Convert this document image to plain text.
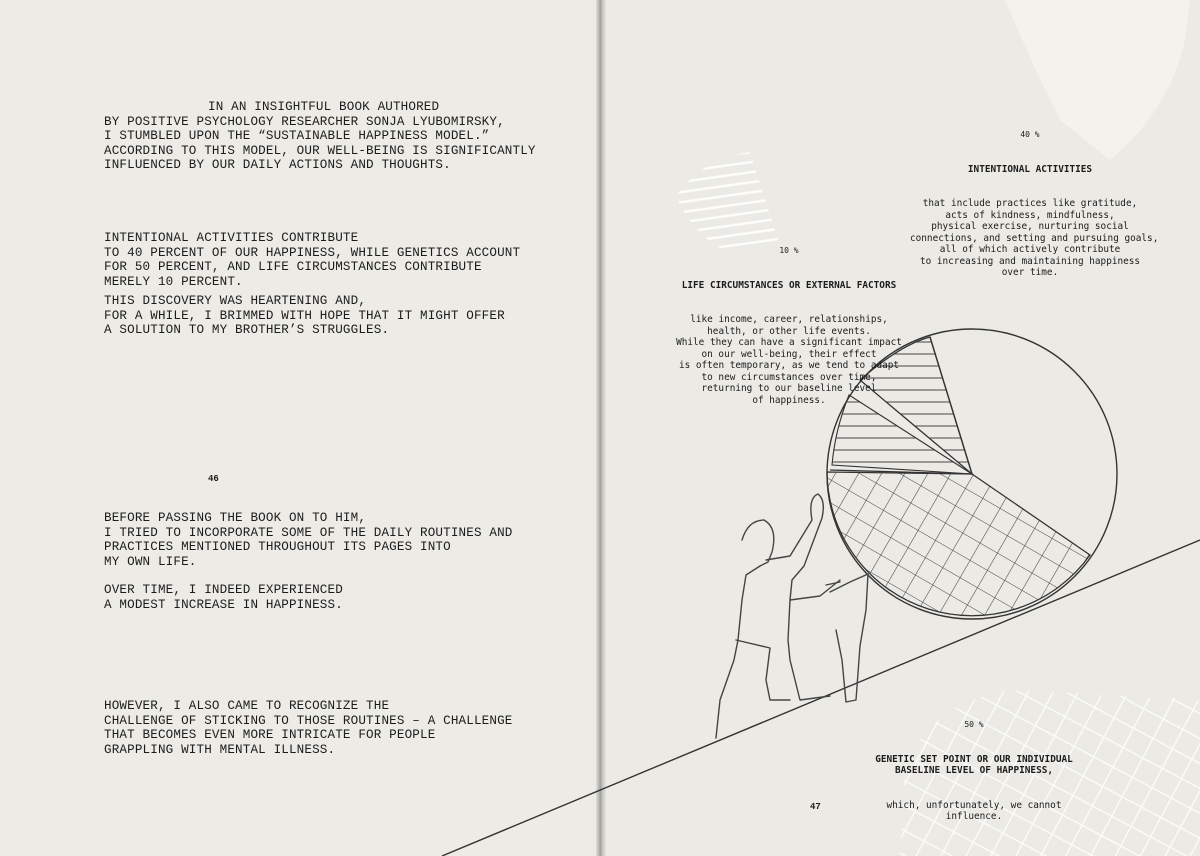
IN AN INSIGHTFUL BOOK AUTHORED
BY POSITIVE PSYCHOLOGY RESEARCHER SONJA LYUBOMIRSKY,
I STUMBLED UPON THE “SUSTAINABLE HAPPINESS MODEL.”
ACCORDING TO THIS MODEL, OUR WELL-BEING IS SIGNIFICANTLY
INFLUENCED BY OUR DAILY ACTIONS AND THOUGHTS.

INTENTIONAL ACTIVITIES CONTRIBUTE
TO 40 PERCENT OF OUR HAPPINESS, WHILE GENETICS ACCOUNT
FOR 50 PERCENT, AND LIFE CIRCUMSTANCES CONTRIBUTE
MERELY 10 PERCENT.

THIS DISCOVERY WAS HEARTENING AND,
FOR A WHILE, I BRIMMED WITH HOPE THAT IT MIGHT OFFER
A SOLUTION TO MY BROTHER’S STRUGGLES.

46

BEFORE PASSING THE BOOK ON TO HIM,
I TRIED TO INCORPORATE SOME OF THE DAILY ROUTINES AND
PRACTICES MENTIONED THROUGHOUT ITS PAGES INTO
MY OWN LIFE.

OVER TIME, I INDEED EXPERIENCED
A MODEST INCREASE IN HAPPINESS.

HOWEVER, I ALSO CAME TO RECOGNIZE THE
CHALLENGE OF STICKING TO THOSE ROUTINES – A CHALLENGE
THAT BECOMES EVEN MORE INTRICATE FOR PEOPLE
GRAPPLING WITH MENTAL ILLNESS.

47

40 %

INTENTIONAL ACTIVITIES

that include practices like gratitude,
acts of kindness, mindfulness,
physical exercise, nurturing social
connections, and setting and pursuing goals,
all of which actively contribute
to increasing and maintaining happiness
over time.

10 %

LIFE CIRCUMSTANCES OR EXTERNAL FACTORS

like income, career, relationships,
health, or other life events.
While they can have a significant impact
on our well-being, their effect
is often temporary, as we tend to adapt
to new circumstances over time,
returning to our baseline level
of happiness.

50 %

GENETIC SET POINT OR OUR INDIVIDUAL
BASELINE LEVEL OF HAPPINESS,

which, unfortunately, we cannot
influence.
